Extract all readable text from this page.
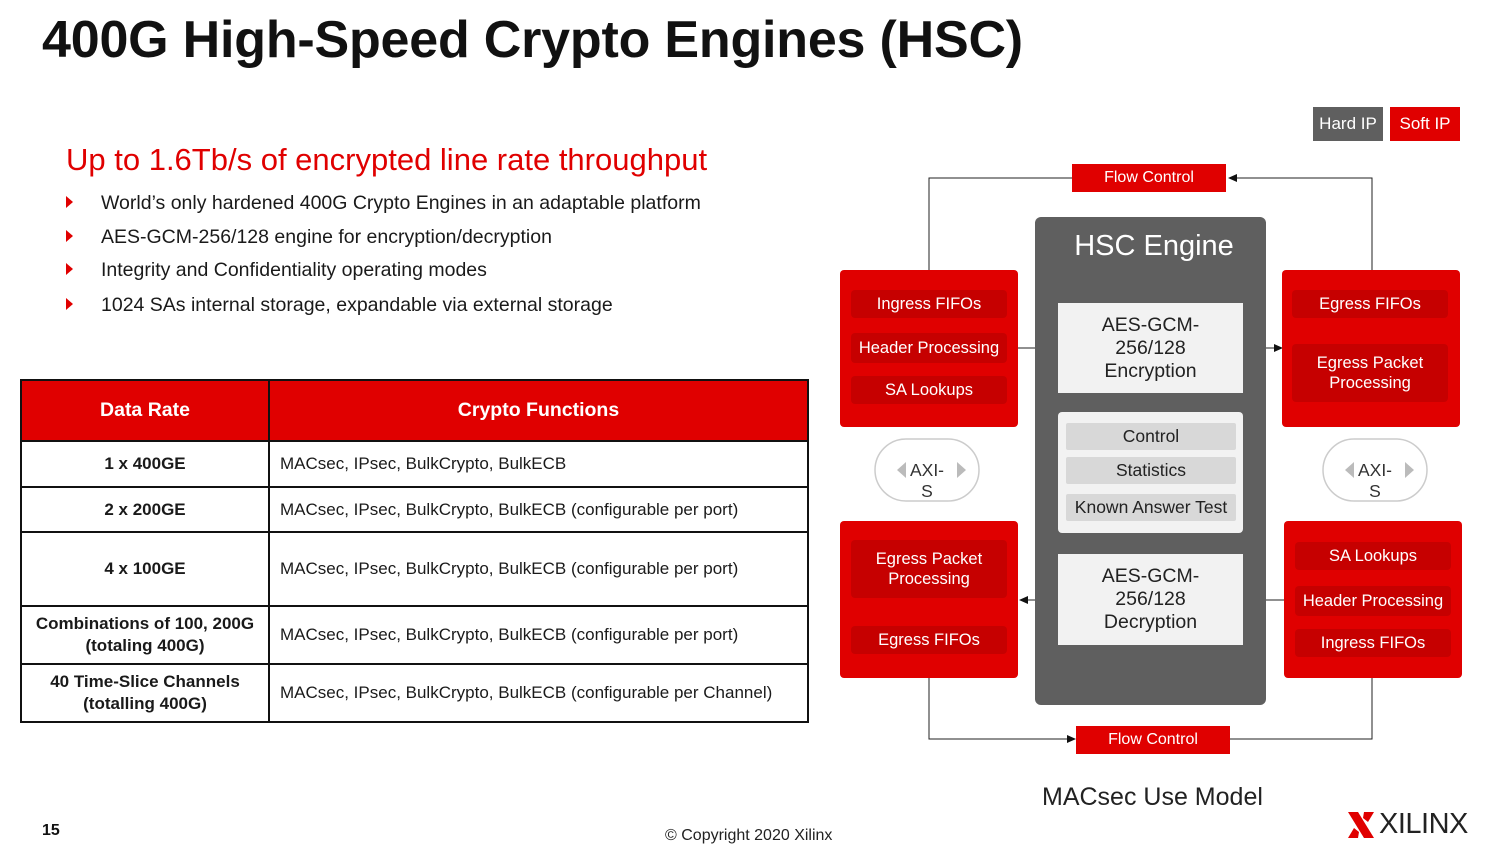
400G High-Speed Crypto Engines (HSC)
Up to 1.6Tb/s of encrypted line rate throughput
World’s only hardened 400G Crypto Engines in an adaptable platform
AES-GCM-256/128 engine for encryption/decryption
Integrity and Confidentiality operating modes
1024 SAs internal storage, expandable via external storage
Data Rate	Crypto Functions
1 x 400GE	MACsec, IPsec, BulkCrypto, BulkECB
2 x 200GE	MACsec, IPsec, BulkCrypto, BulkECB (configurable per port)
4 x 100GE	MACsec, IPsec, BulkCrypto, BulkECB (configurable per port)
Combinations of 100, 200G (totaling 400G)	MACsec, IPsec, BulkCrypto, BulkECB (configurable per port)
40 Time-Slice Channels (totalling 400G)	MACsec, IPsec, BulkCrypto, BulkECB (configurable per Channel)
AXI-S
AXI-S
Hard IP	Soft IP
Flow Control
Flow Control
Ingress FIFOs
Header Processing
SA Lookups
Egress Packet Processing
Egress FIFOs
Egress FIFOs
Egress Packet Processing
SA Lookups
Header Processing
Ingress FIFOs
HSC Engine
AES-GCM-256/128 Encryption
Control
Statistics
Known Answer Test
AES-GCM-256/128 Decryption
MACsec Use Model
15	© Copyright 2020 Xilinx	XILINX
